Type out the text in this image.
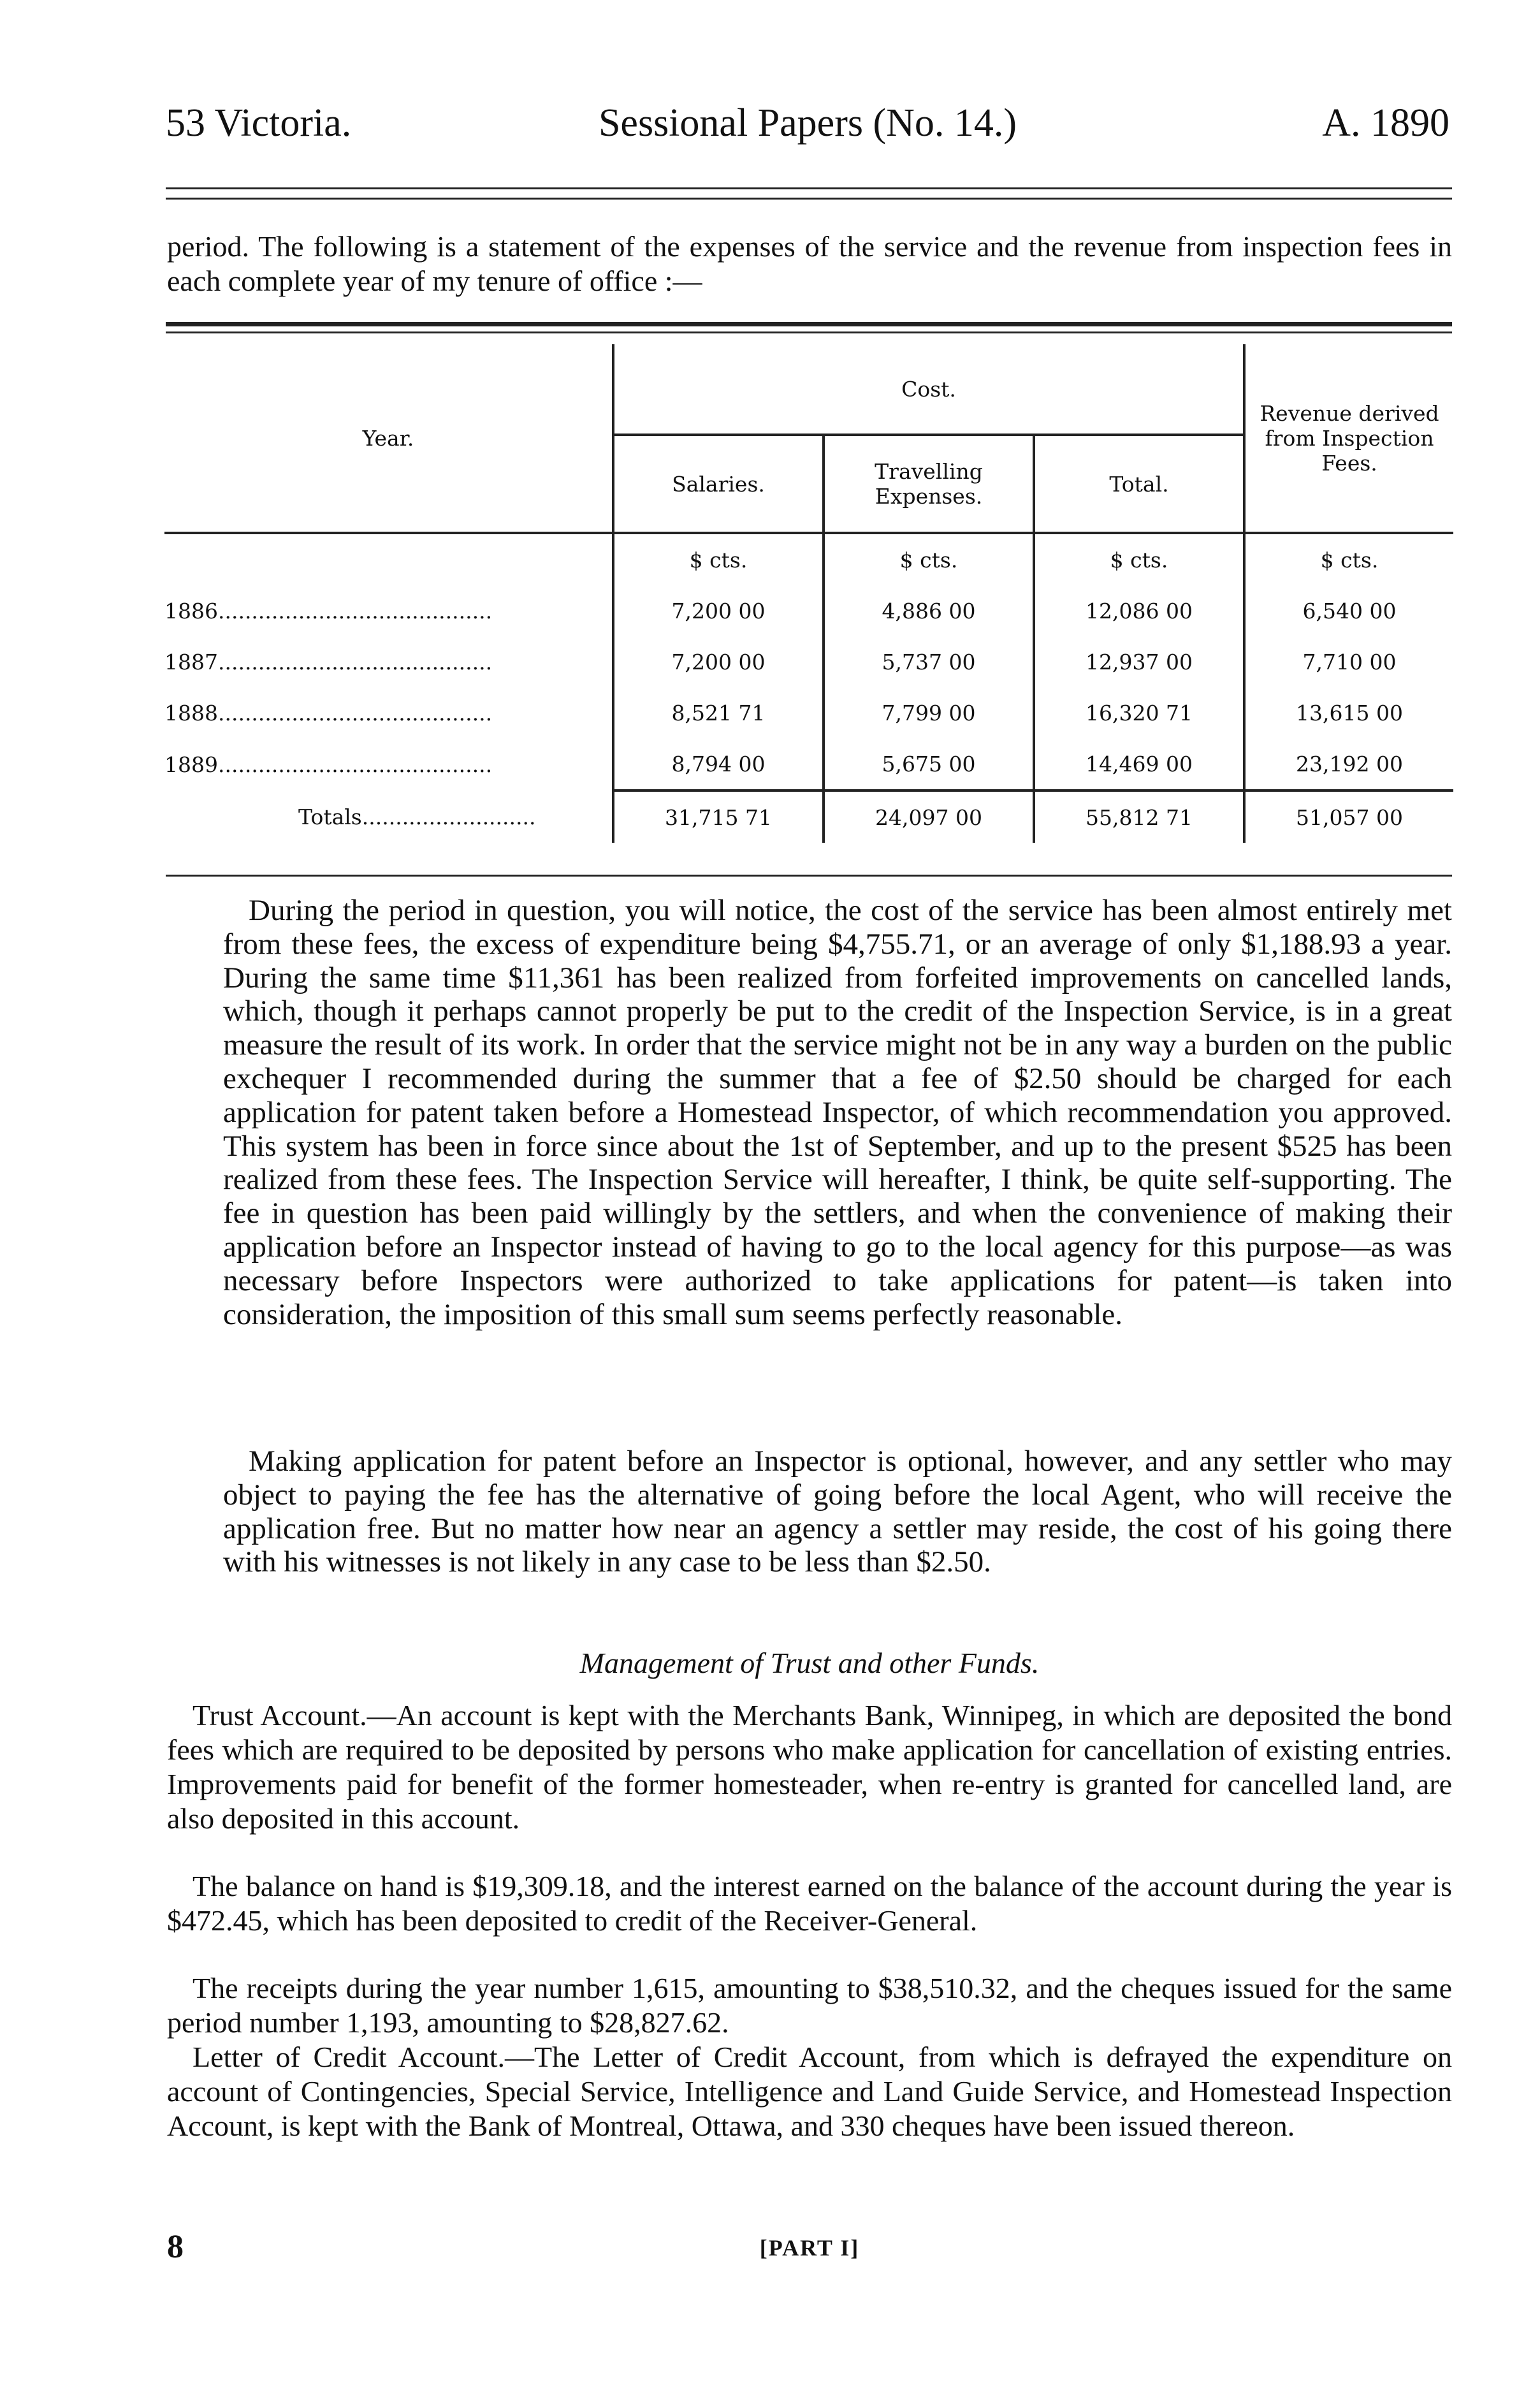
53 Victoria.	Sessional Papers (No. 14.)	A. 1890

period. The following is a statement of the expenses of the service and the revenue from inspection fees in each complete year of my tenure of office :—

Year.	Cost.			Revenue derived from Inspection Fees.
	Salaries.	Travelling Expenses.	Total.	
	$ cts.	$ cts.	$ cts.	$ cts.
1886.........................................	7,200 00	4,886 00	12,086 00	6,540 00
1887.........................................	7,200 00	5,737 00	12,937 00	7,710 00
1888.........................................	8,521 71	7,799 00	16,320 71	13,615 00
1889.........................................	8,794 00	5,675 00	14,469 00	23,192 00
Totals..........................	31,715 71	24,097 00	55,812 71	51,057 00

During the period in question, you will notice, the cost of the service has been almost entirely met from these fees, the excess of expenditure being $4,755.71, or an average of only $1,188.93 a year. During the same time $11,361 has been realized from forfeited improvements on cancelled lands, which, though it perhaps cannot properly be put to the credit of the Inspection Service, is in a great measure the result of its work. In order that the service might not be in any way a burden on the public exchequer I recommended during the summer that a fee of $2.50 should be charged for each application for patent taken before a Homestead Inspector, of which recommendation you approved. This system has been in force since about the 1st of September, and up to the present $525 has been realized from these fees. The Inspection Service will hereafter, I think, be quite self-supporting. The fee in question has been paid willingly by the settlers, and when the convenience of making their application before an Inspector instead of having to go to the local agency for this purpose—as was necessary before Inspectors were authorized to take applications for patent—is taken into consideration, the imposition of this small sum seems perfectly reasonable.

Making application for patent before an Inspector is optional, however, and any settler who may object to paying the fee has the alternative of going before the local Agent, who will receive the application free. But no matter how near an agency a settler may reside, the cost of his going there with his witnesses is not likely in any case to be less than $2.50.

Management of Trust and other Funds.

Trust Account.—An account is kept with the Merchants Bank, Winnipeg, in which are deposited the bond fees which are required to be deposited by persons who make application for cancellation of existing entries. Improvements paid for benefit of the former homesteader, when re-entry is granted for cancelled land, are also deposited in this account.

The balance on hand is $19,309.18, and the interest earned on the balance of the account during the year is $472.45, which has been deposited to credit of the Receiver-General.

The receipts during the year number 1,615, amounting to $38,510.32, and the cheques issued for the same period number 1,193, amounting to $28,827.62.

Letter of Credit Account.—The Letter of Credit Account, from which is defrayed the expenditure on account of Contingencies, Special Service, Intelligence and Land Guide Service, and Homestead Inspection Account, is kept with the Bank of Montreal, Ottawa, and 330 cheques have been issued thereon.

8	[PART I]
